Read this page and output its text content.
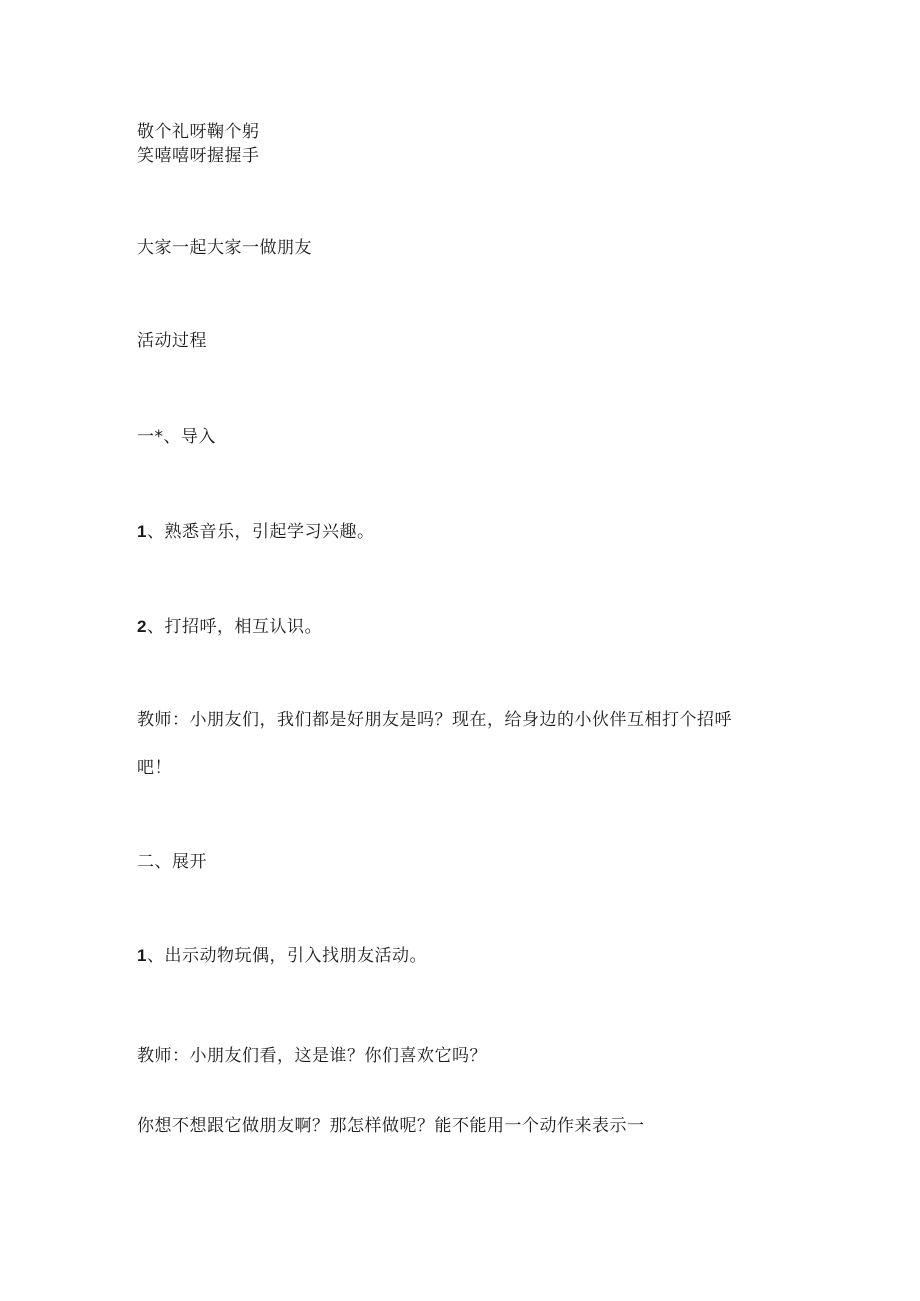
敬个礼呀鞠个躬
笑嘻嘻呀握握手
大家一起大家一做朋友
活动过程
一*、导入
1、熟悉音乐，引起学习兴趣。
2、打招呼，相互认识。
教师：小朋友们，我们都是好朋友是吗？现在，给身边的小伙伴互相打个招呼
吧！
二、展开
1、出示动物玩偶，引入找朋友活动。
教师：小朋友们看，这是谁？你们喜欢它吗？
你想不想跟它做朋友啊？那怎样做呢？能不能用一个动作来表示一
